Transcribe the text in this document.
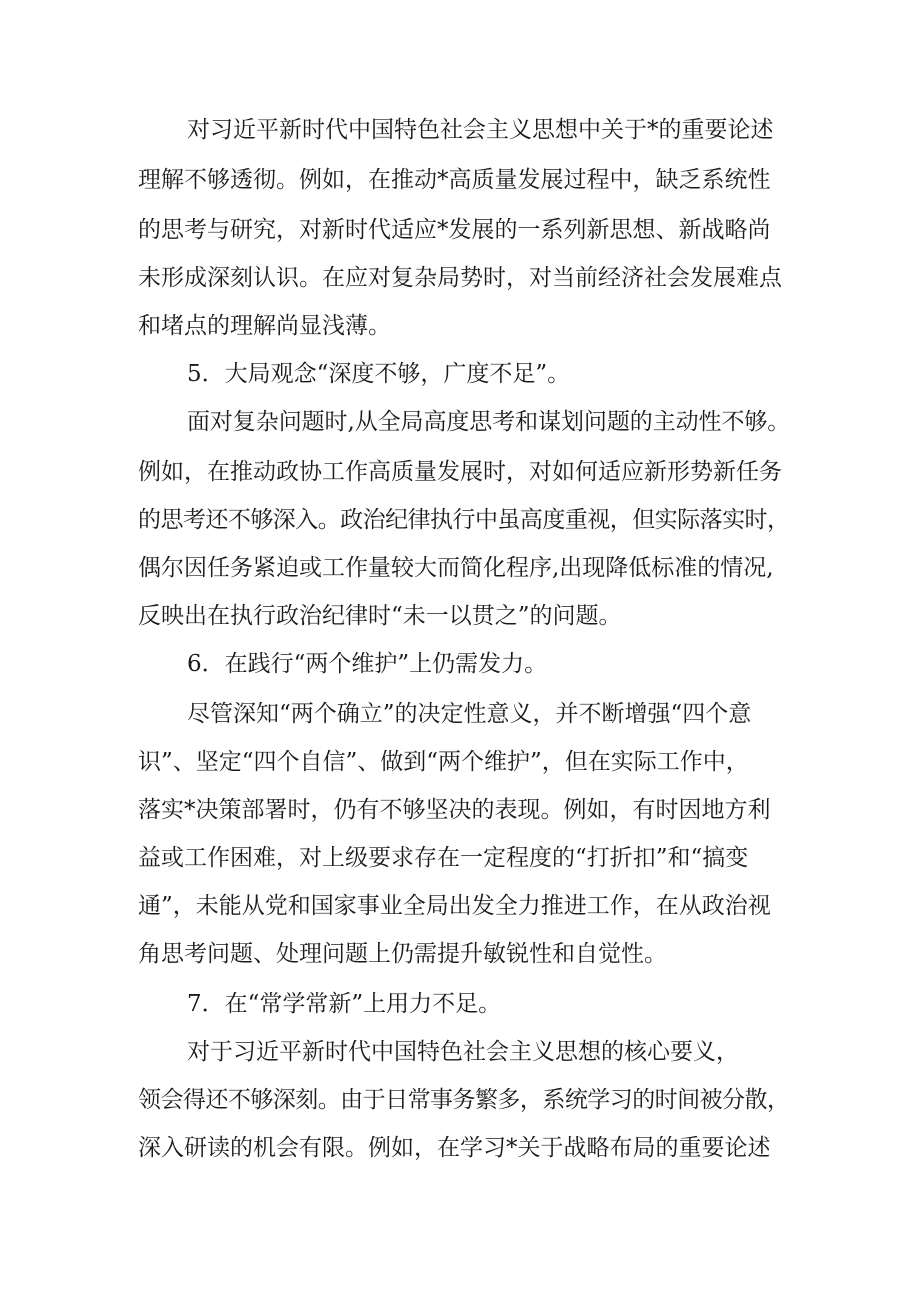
对习近平新时代中国特色社会主义思想中关于*的重要论述
理解不够透彻。例如，在推动*高质量发展过程中，缺乏系统性
的思考与研究，对新时代适应*发展的一系列新思想、新战略尚
未形成深刻认识。在应对复杂局势时，对当前经济社会发展难点
和堵点的理解尚显浅薄。
5．大局观念“深度不够，广度不足”。
面对复杂问题时,从全局高度思考和谋划问题的主动性不够。
例如，在推动政协工作高质量发展时，对如何适应新形势新任务
的思考还不够深入。政治纪律执行中虽高度重视，但实际落实时，
偶尔因任务紧迫或工作量较大而简化程序,出现降低标准的情况,
反映出在执行政治纪律时“未一以贯之”的问题。
6．在践行“两个维护”上仍需发力。
尽管深知“两个确立”的决定性意义，并不断增强“四个意
识”、坚定“四个自信”、做到“两个维护”，但在实际工作中，
落实*决策部署时，仍有不够坚决的表现。例如，有时因地方利
益或工作困难，对上级要求存在一定程度的“打折扣”和“搞变
通”，未能从党和国家事业全局出发全力推进工作，在从政治视
角思考问题、处理问题上仍需提升敏锐性和自觉性。
7．在“常学常新”上用力不足。
对于习近平新时代中国特色社会主义思想的核心要义，
领会得还不够深刻。由于日常事务繁多，系统学习的时间被分散，
深入研读的机会有限。例如，在学习*关于战略布局的重要论述
